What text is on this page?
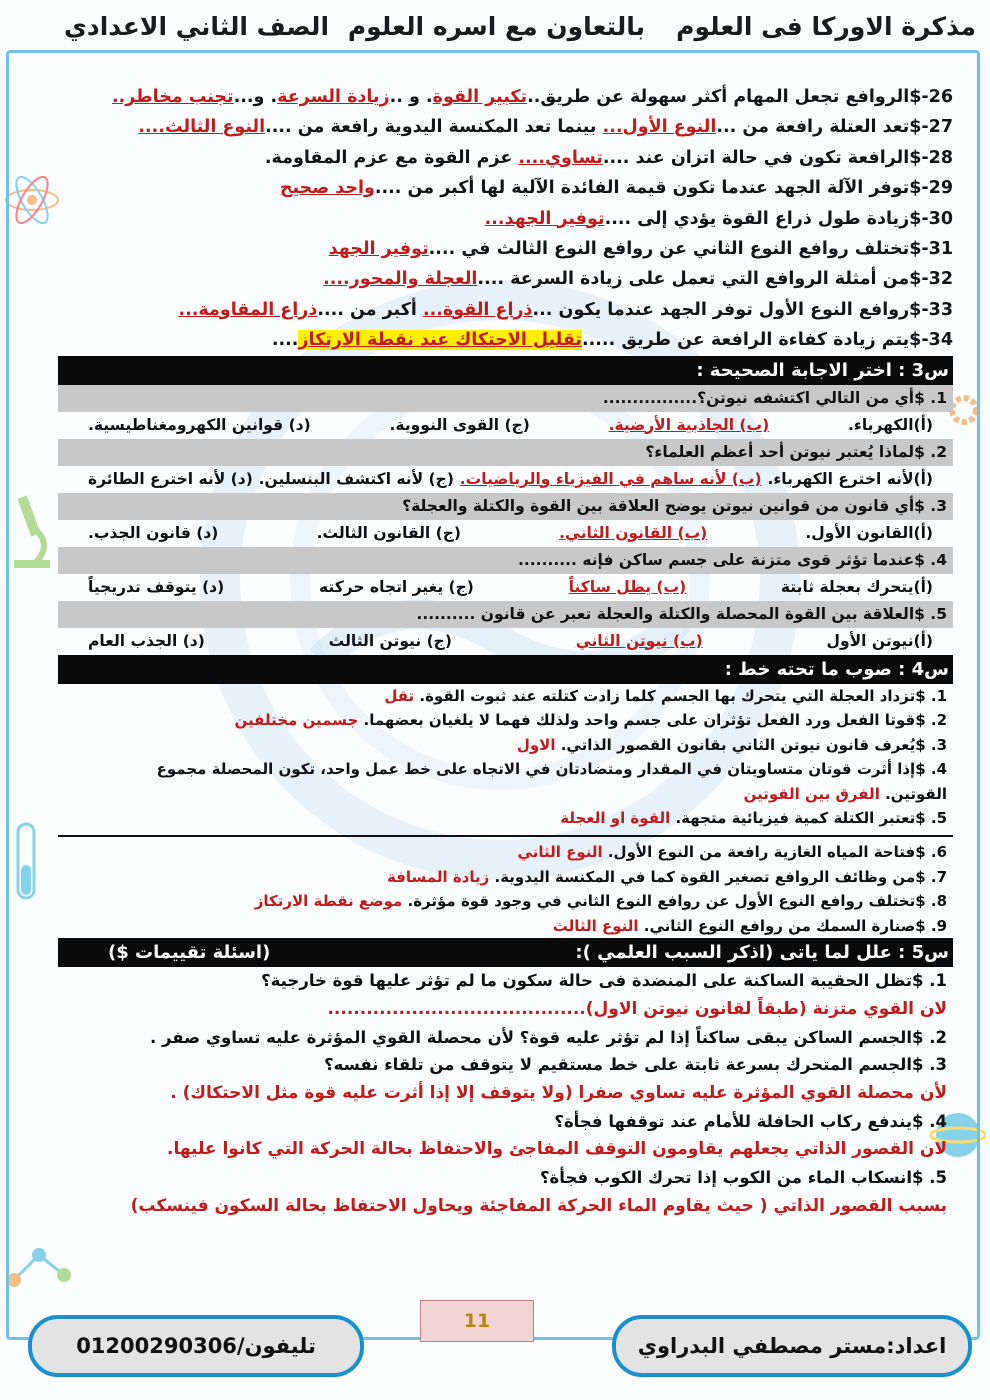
مذكرة الاوركا فى العلوم
بالتعاون مع اسره العلوم
الصف الثاني الاعدادي
26-$الروافع تجعل المهام أكثر سهولة عن طريق..تكبير القوة. و ..زيادة السرعة. و...تجنب مخاطر..
27-$تعد العتلة رافعة من ...النوع الأول... بينما تعد المكنسة اليدوية رافعة من ....النوع الثالث....
28-$الرافعة تكون في حالة اتزان عند ....تساوي.... عزم القوة مع عزم المقاومة.
29-$توفر الآلة الجهد عندما تكون قيمة الفائدة الآلية لها أكبر من ....واحد صحيح
30-$زيادة طول ذراع القوة يؤدي إلى ....توفير الجهد...
31-$تختلف روافع النوع الثاني عن روافع النوع الثالث في ....توفير الجهد
32-$من أمثلة الروافع التي تعمل على زيادة السرعة ....العجلة والمحور....
33-$روافع النوع الأول توفر الجهد عندما يكون ...ذراع القوة... أكبر من ....ذراع المقاومة...
34-$يتم زيادة كفاءة الرافعة عن طريق .....تقليل الاحتكاك عند نقطة الارتكاز....
س3 : اختر الاجابة الصحيحة :
1. $أي من التالي اكتشفه نيوتن؟................
(أ)الكهرباء.
(ب) الجاذبية الأرضية.
(ج) القوى النووية.
(د) قوانين الكهرومغناطيسية.
2. $لماذا يُعتبر نيوتن أحد أعظم العلماء؟
(أ)لأنه اخترع الكهرباء.
(ب) لأنه ساهم في الفيزياء والرياضيات.
(ج) لأنه اكتشف البنسلين.
(د) لأنه اخترع الطائرة
3. $أي قانون من قوانين نيوتن يوضح العلاقة بين القوة والكتلة والعجلة؟
(أ)القانون الأول.
(ب) القانون الثاني.
(ج) القانون الثالث.
(د) قانون الجذب.
4. $عندما تؤثر قوى متزنة على جسم ساكن فإنه ..........
(أ)يتحرك بعجلة ثابتة
(ب) يظل ساكناً
(ج) يغير اتجاه حركته
(د) يتوقف تدريجياً
5. $العلاقة بين القوة المحصلة والكتلة والعجلة تعبر عن قانون ..........
(أ)نيوتن الأول
(ب) نيوتن الثاني
(ج) نيوتن الثالث
(د) الجذب العام
س4 : صوب ما تحته خط :
1. $تزداد العجلة التي يتحرك بها الجسم كلما زادت كتلته عند ثبوت القوة. تقل
2. $قوتا الفعل ورد الفعل تؤثران على جسم واحد ولذلك فهما لا يلغيان بعضهما. جسمين مختلفين
3. $يُعرف قانون نيوتن الثاني بقانون القصور الذاتي. الاول
4. $إذا أثرت قوتان متساويتان في المقدار ومتضادتان في الاتجاه على خط عمل واحد، تكون المحصلة مجموع
القوتين. الفرق بين القوتين
5. $تعتبر الكتلة كمية فيزيائية متجهة. القوة او العجلة
6. $فتاحة المياه الغازية رافعة من النوع الأول. النوع الثاني
7. $من وظائف الروافع تصغير القوة كما في المكنسة اليدوية. زيادة المسافة
8. $تختلف روافع النوع الأول عن روافع النوع الثاني في وجود قوة مؤثرة. موضع نقطة الارتكاز
9. $صنارة السمك من روافع النوع الثاني. النوع الثالث
س5 : علل لما ياتى (اذكر السبب العلمي ):
(اسئلة تقييمات $)
1. $تظل الحقيبة الساكنة على المنضدة فى حالة سكون ما لم تؤثر عليها قوة خارجية؟
لان القوي متزنة (طبقاً لقانون نيوتن الاول)........................................
2. $الجسم الساكن يبقى ساكناً إذا لم تؤثر عليه قوة؟ لأن محصلة القوي المؤثرة عليه تساوي صفر .
3. $الجسم المتحرك بسرعة ثابتة على خط مستقيم لا يتوقف من تلقاء نفسه؟
لأن محصلة القوي المؤثرة عليه تساوي صفرا (ولا يتوقف إلا إذا أثرت عليه قوة مثل الاحتكاك) .
4. $يندفع ركاب الحافلة للأمام عند توقفها فجأة؟
لان القصور الذاتي يجعلهم يقاومون التوقف المفاجئ والاحتفاظ بحالة الحركة التي كانوا عليها.
5. $انسكاب الماء من الكوب إذا تحرك الكوب فجأة؟
بسبب القصور الذاتي ( حيث يقاوم الماء الحركة المفاجئة ويحاول الاحتفاظ بحالة السكون فينسكب)
اعداد:مستر مصطفي البدراوي
11
تليفون/01200290306
